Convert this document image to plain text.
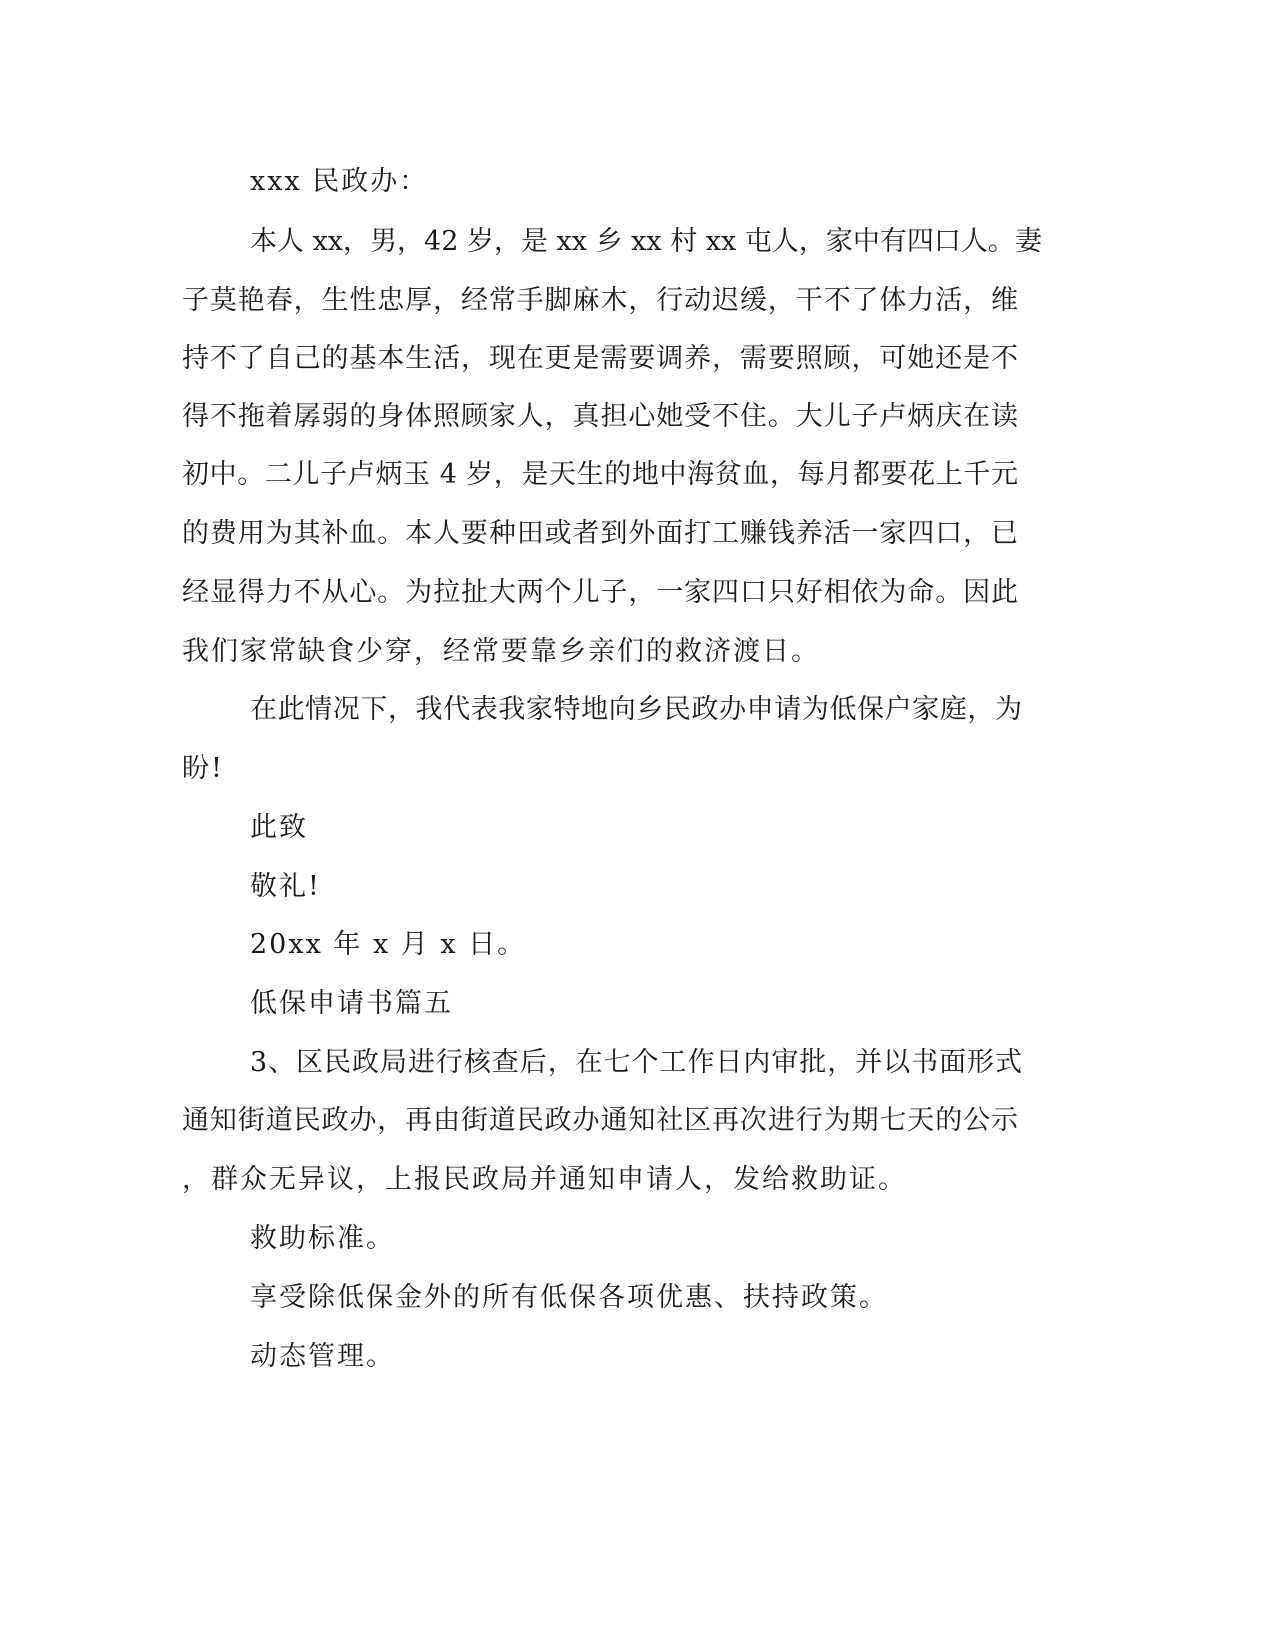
xxx 民政办：
本人 xx，男，42 岁，是 xx 乡 xx 村 xx 屯人，家中有四口人。妻
子莫艳春，生性忠厚，经常手脚麻木，行动迟缓，干不了体力活，维
持不了自己的基本生活，现在更是需要调养，需要照顾，可她还是不
得不拖着孱弱的身体照顾家人，真担心她受不住。大儿子卢炳庆在读
初中。二儿子卢炳玉 4 岁，是天生的地中海贫血，每月都要花上千元
的费用为其补血。本人要种田或者到外面打工赚钱养活一家四口，已
经显得力不从心。为拉扯大两个儿子，一家四口只好相依为命。因此
我们家常缺食少穿，经常要靠乡亲们的救济渡日。
在此情况下，我代表我家特地向乡民政办申请为低保户家庭，为
盼!
此致
敬礼!
20xx 年 x 月 x 日。
低保申请书篇五
3、区民政局进行核查后，在七个工作日内审批，并以书面形式
通知街道民政办，再由街道民政办通知社区再次进行为期七天的公示
，群众无异议，上报民政局并通知申请人，发给救助证。
救助标准。
享受除低保金外的所有低保各项优惠、扶持政策。
动态管理。
